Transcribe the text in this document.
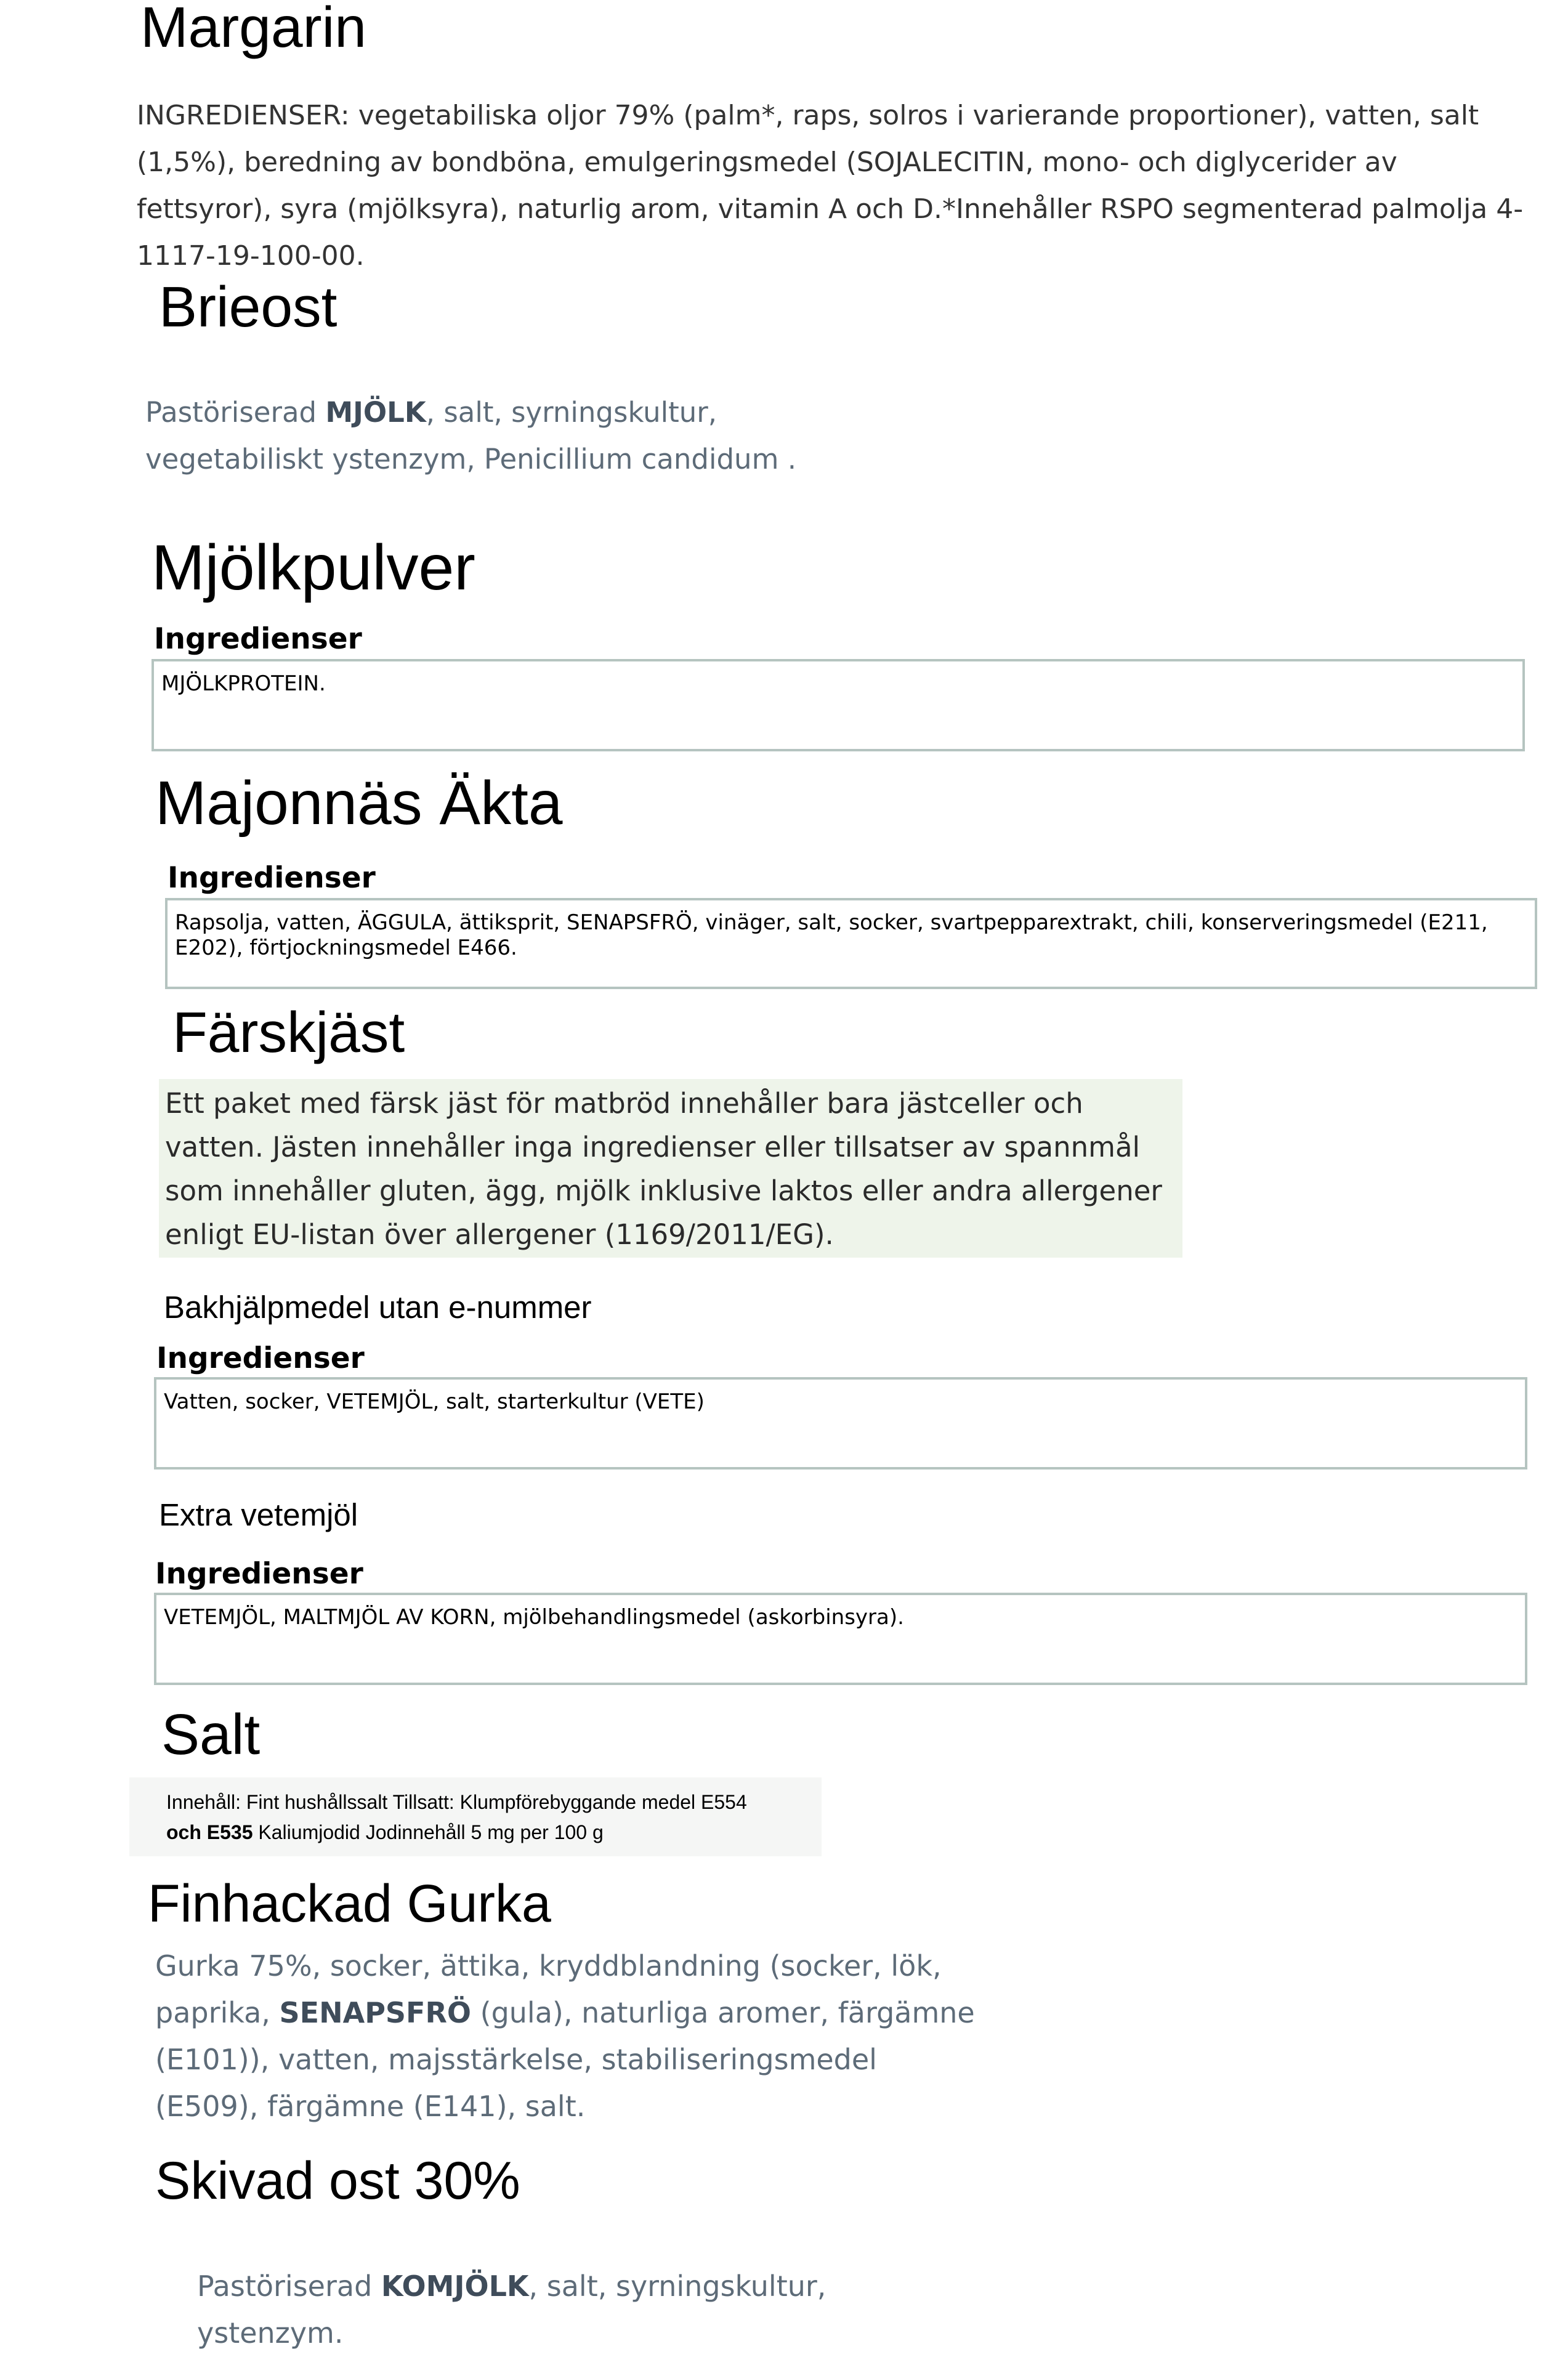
Margarin

INGREDIENSER: vegetabiliska oljor 79% (palm*, raps, solros i varierande proportioner), vatten, salt (1,5%), beredning av bondböna, emulgeringsmedel (SOJALECITIN, mono- och diglycerider av fettsyror), syra (mjölksyra), naturlig arom, vitamin A och D.*Innehåller RSPO segmenterad palmolja 4-1117-19-100-00.

Brieost

Pastöriserad MJÖLK, salt, syrningskultur, vegetabiliskt ystenzym, Penicillium candidum .

Mjölkpulver
Ingredienser
MJÖLKPROTEIN.
Majonnäs Äkta
Ingredienser
Rapsolja, vatten, ÄGGULA, ättiksprit, SENAPSFRÖ, vinäger, salt, socker, svartpepparextrakt, chili, konserveringsmedel (E211, E202), förtjockningsmedel E466.
Färskjäst

Ett paket med färsk jäst för matbröd innehåller bara jästceller och vatten. Jästen innehåller inga ingredienser eller tillsatser av spannmål som innehåller gluten, ägg, mjölk inklusive laktos eller andra allergener enligt EU-listan över allergener (1169/2011/EG).

Bakhjälpmedel utan e-nummer
Ingredienser
Vatten, socker, VETEMJÖL, salt, starterkultur (VETE)
Extra vetemjöl
Ingredienser
VETEMJÖL, MALTMJÖL AV KORN, mjölbehandlingsmedel (askorbinsyra).
Salt
Innehåll: Fint hushållssalt Tillsatt: Klumpförebyggande medel E554
och E535 Kaliumjodid Jodinnehåll 5 mg per 100 g
Finhackad Gurka

Gurka 75%, socker, ättika, kryddblandning (socker, lök, paprika, SENAPSFRÖ (gula), naturliga aromer, färgämne (E101)), vatten, majsstärkelse, stabiliseringsmedel (E509), färgämne (E141), salt.

Skivad ost 30%

Pastöriserad KOMJÖLK, salt, syrningskultur, ystenzym.
